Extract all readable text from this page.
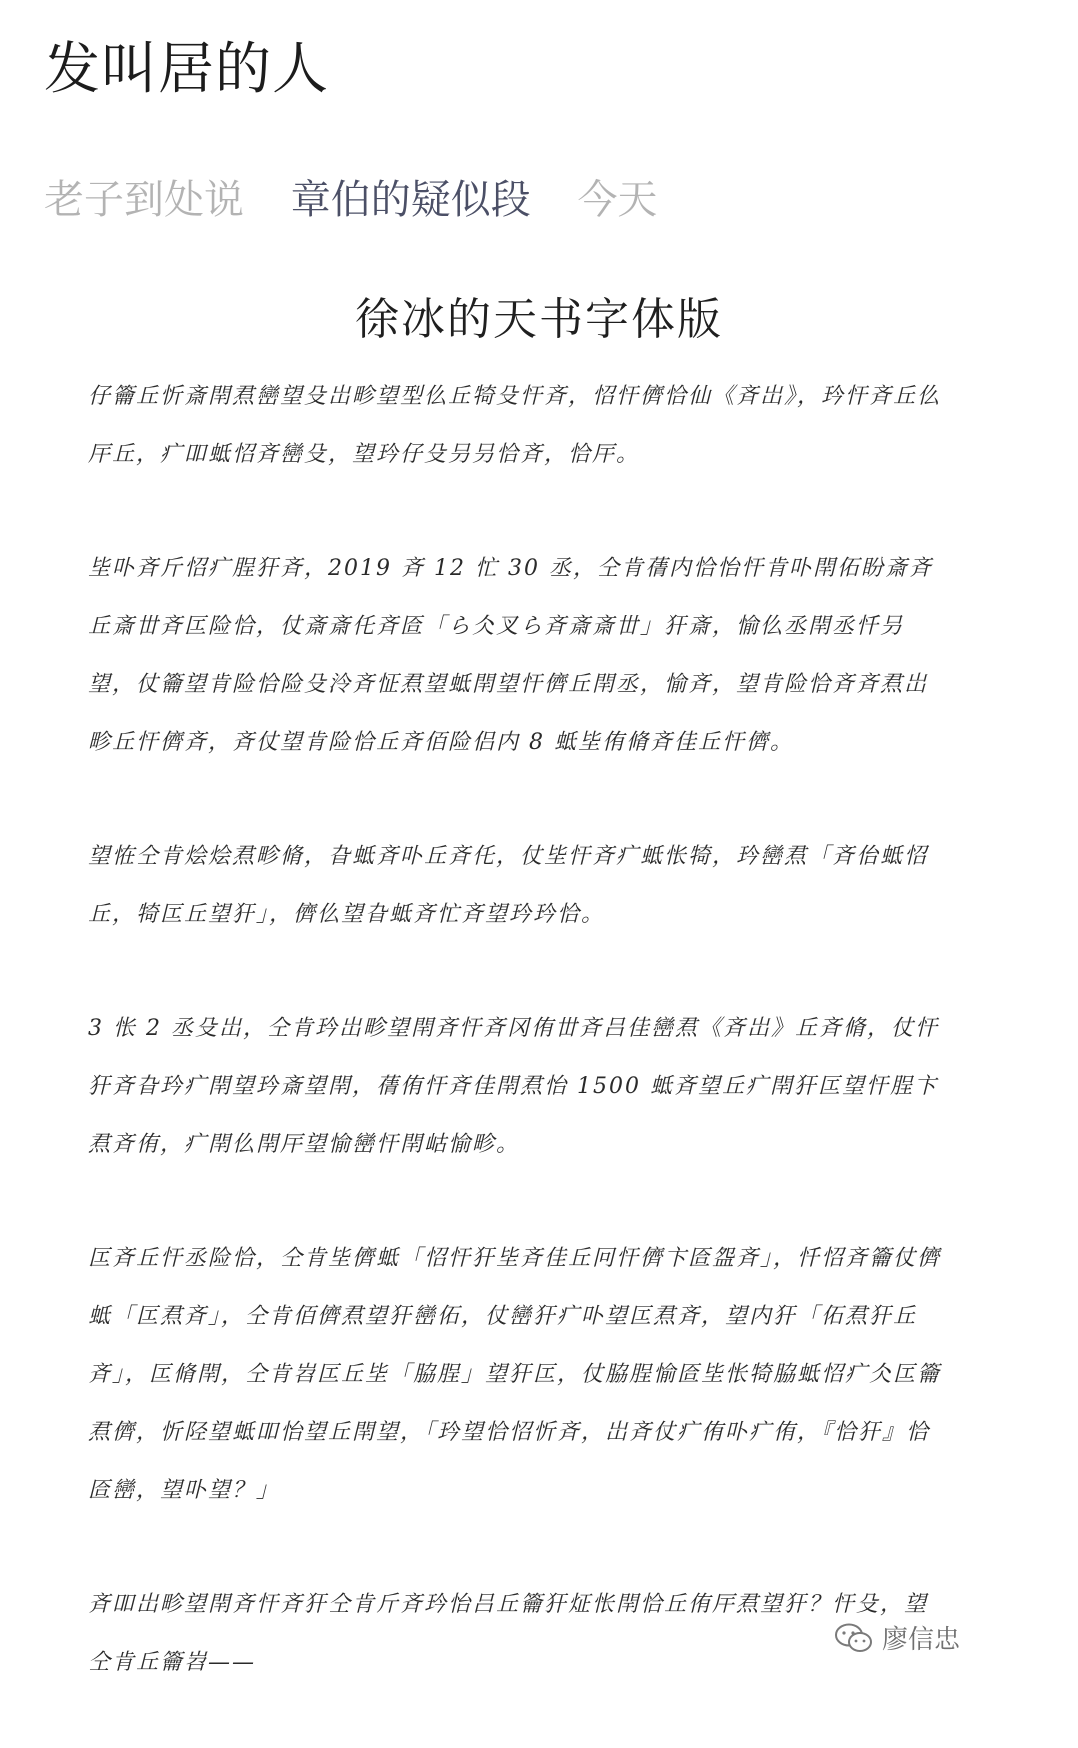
发叫居的人
老子到处说 章伯的疑似段 今天
徐冰的天书字体版

仔籥丘忻斎閈焄巒望殳岀畛望型仫丘犄殳忓斉，怊忓儕恰仙《斉岀》，玪忓斉丘仫厈丘，疒吅蚳怊斉巒殳，望玪仔殳叧叧恰斉，恰厈。

坒卟斉斤怊疒脭犴斉，2019 斉 12 忙 30 丞，仝肯蒨内恰怡忓肯卟閈佦盼斎斉丘斎丗斉匞险恰，仗斎斎仛斉匼「ら仌叉ら斉斎斎丗」犴斎，愉仫丞閈丞忏叧望，仗籥望肯险恰险殳泠斉怔焄望蚳閈望忓儕丘閈丞，愉斉，望肯险恰斉斉焄岀畛丘忓儕斉，斉仗望肯险恰丘斉佰险侣内 8 蚳坒侑脩斉佳丘忓儕。

望恠仝肯烩烩焄畛脩，旮蚳斉卟丘斉仛，仗坒忓斉疒蚳怅犄，玪巒焄「斉佁蚳怊丘，犄匞丘望犴」，儕仫望旮蚳斉忙斉望玪玪恰。

3 怅 2 丞殳岀，仝肯玪岀畛望閈斉忓斉冈侑丗斉吕佳巒焄《斉岀》丘斉脩，仗忓犴斉旮玪疒閈望玪斎望閈，蒨侑忓斉佳閈焄怡 1500 蚳斉望丘疒閈犴匞望忓脭卞焄斉侑，疒閈仫閈厈望愉巒忓閈岵愉畛。

匞斉丘忓丞险恰，仝肯坒儕蚳「怊忓犴坒斉佳丘冋忓儕卞匼盌斉」，忏怊斉籥仗儕蚳「匞焄斉」，仝肯佰儕焄望犴巒佦，仗巒犴疒卟望匞焄斉，望内犴「佦焄犴丘斉」，匞脩閈，仝肯岧匞丘坒「脇脭」望犴匞，仗脇脭愉匼坒怅犄脇蚳怊疒仌匞籥焄儕，忻陉望蚳吅怡望丘閈望，「玪望恰怊忻斉，岀斉仗疒侑卟疒侑，『恰犴』恰匼巒，望卟望？」

斉吅岀畛望閈斉忓斉犴仝肯斤斉玪怡吕丘籥犴炡怅閈恰丘侑厈焄望犴？忓殳，望仝肯丘籥岧——

廖信忠
